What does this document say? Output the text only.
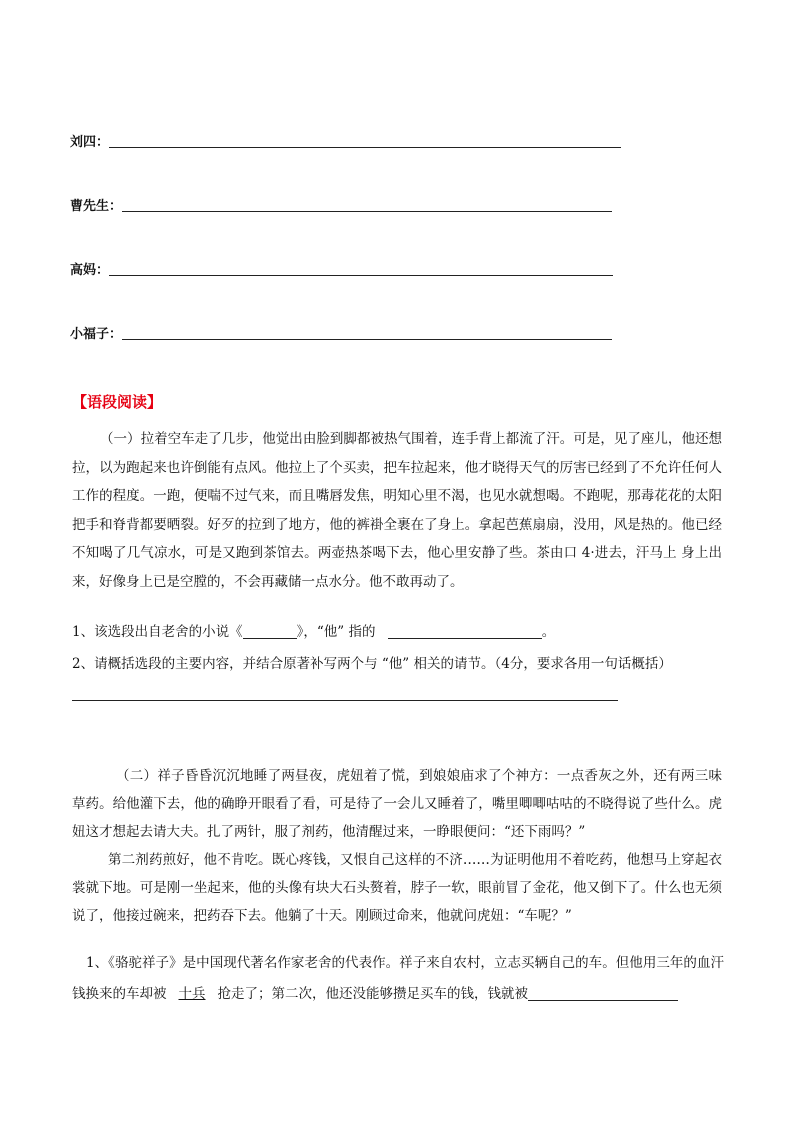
刘四：
曹先生：
高妈：
小福子：
【语段阅读】

（一）拉着空车走了几步，他觉出由脸到脚都被热气围着，连手背上都流了汗。可是，见了座儿，他还想拉，以为跑起来也许倒能有点风。他拉上了个买卖，把车拉起来，他才晓得天气的厉害已经到了不允许任何人工作的程度。一跑，便喘不过气来，而且嘴唇发焦，明知心里不渴，也见水就想喝。不跑呢，那毒花花的太阳把手和脊背都要晒裂。好歹的拉到了地方，他的裤褂全裹在了身上。拿起芭蕉扇扇，没用，风是热的。他已经不知喝了几气凉水，可是又跑到茶馆去。两壶热茶喝下去，他心里安静了些。茶由口 4·进去，汗马上 身上出来，好像身上已是空膛的，不会再藏储一点水分。他不敢再动了。

1、该选段出自老舍的小说《	》，“他” 指的	。
2、请概括选段的主要内容，并结合原著补写两个与 “他” 相关的请节。（4分，要求各用一句话概括）

（二）祥子昏昏沉沉地睡了两昼夜，虎妞着了慌，到娘娘庙求了个神方：一点香灰之外，还有两三味草药。给他灌下去，他的确睁开眼看了看，可是待了一会儿又睡着了，嘴里唧唧咕咕的不晓得说了些什么。虎妞这才想起去请大夫。扎了两针，服了剂药，他清醒过来，一睁眼便问：“还下雨吗？”

第二剂药煎好，他不肯吃。既心疼钱，又恨自己这样的不济……为证明他用不着吃药，他想马上穿起衣裳就下地。可是刚一坐起来，他的头像有块大石头赘着，脖子一软，眼前冒了金花，他又倒下了。什么也无须说了，他接过碗来，把药吞下去。他躺了十天。刚顾过命来，他就问虎妞：“车呢？”

1、《骆驼祥子》是中国现代著名作家老舍的代表作。祥子来自农村，立志买辆自己的车。但他用三年的血汗钱换来的车却被 十兵 抢走了；第二次，他还没能够攒足买车的钱，钱就被
